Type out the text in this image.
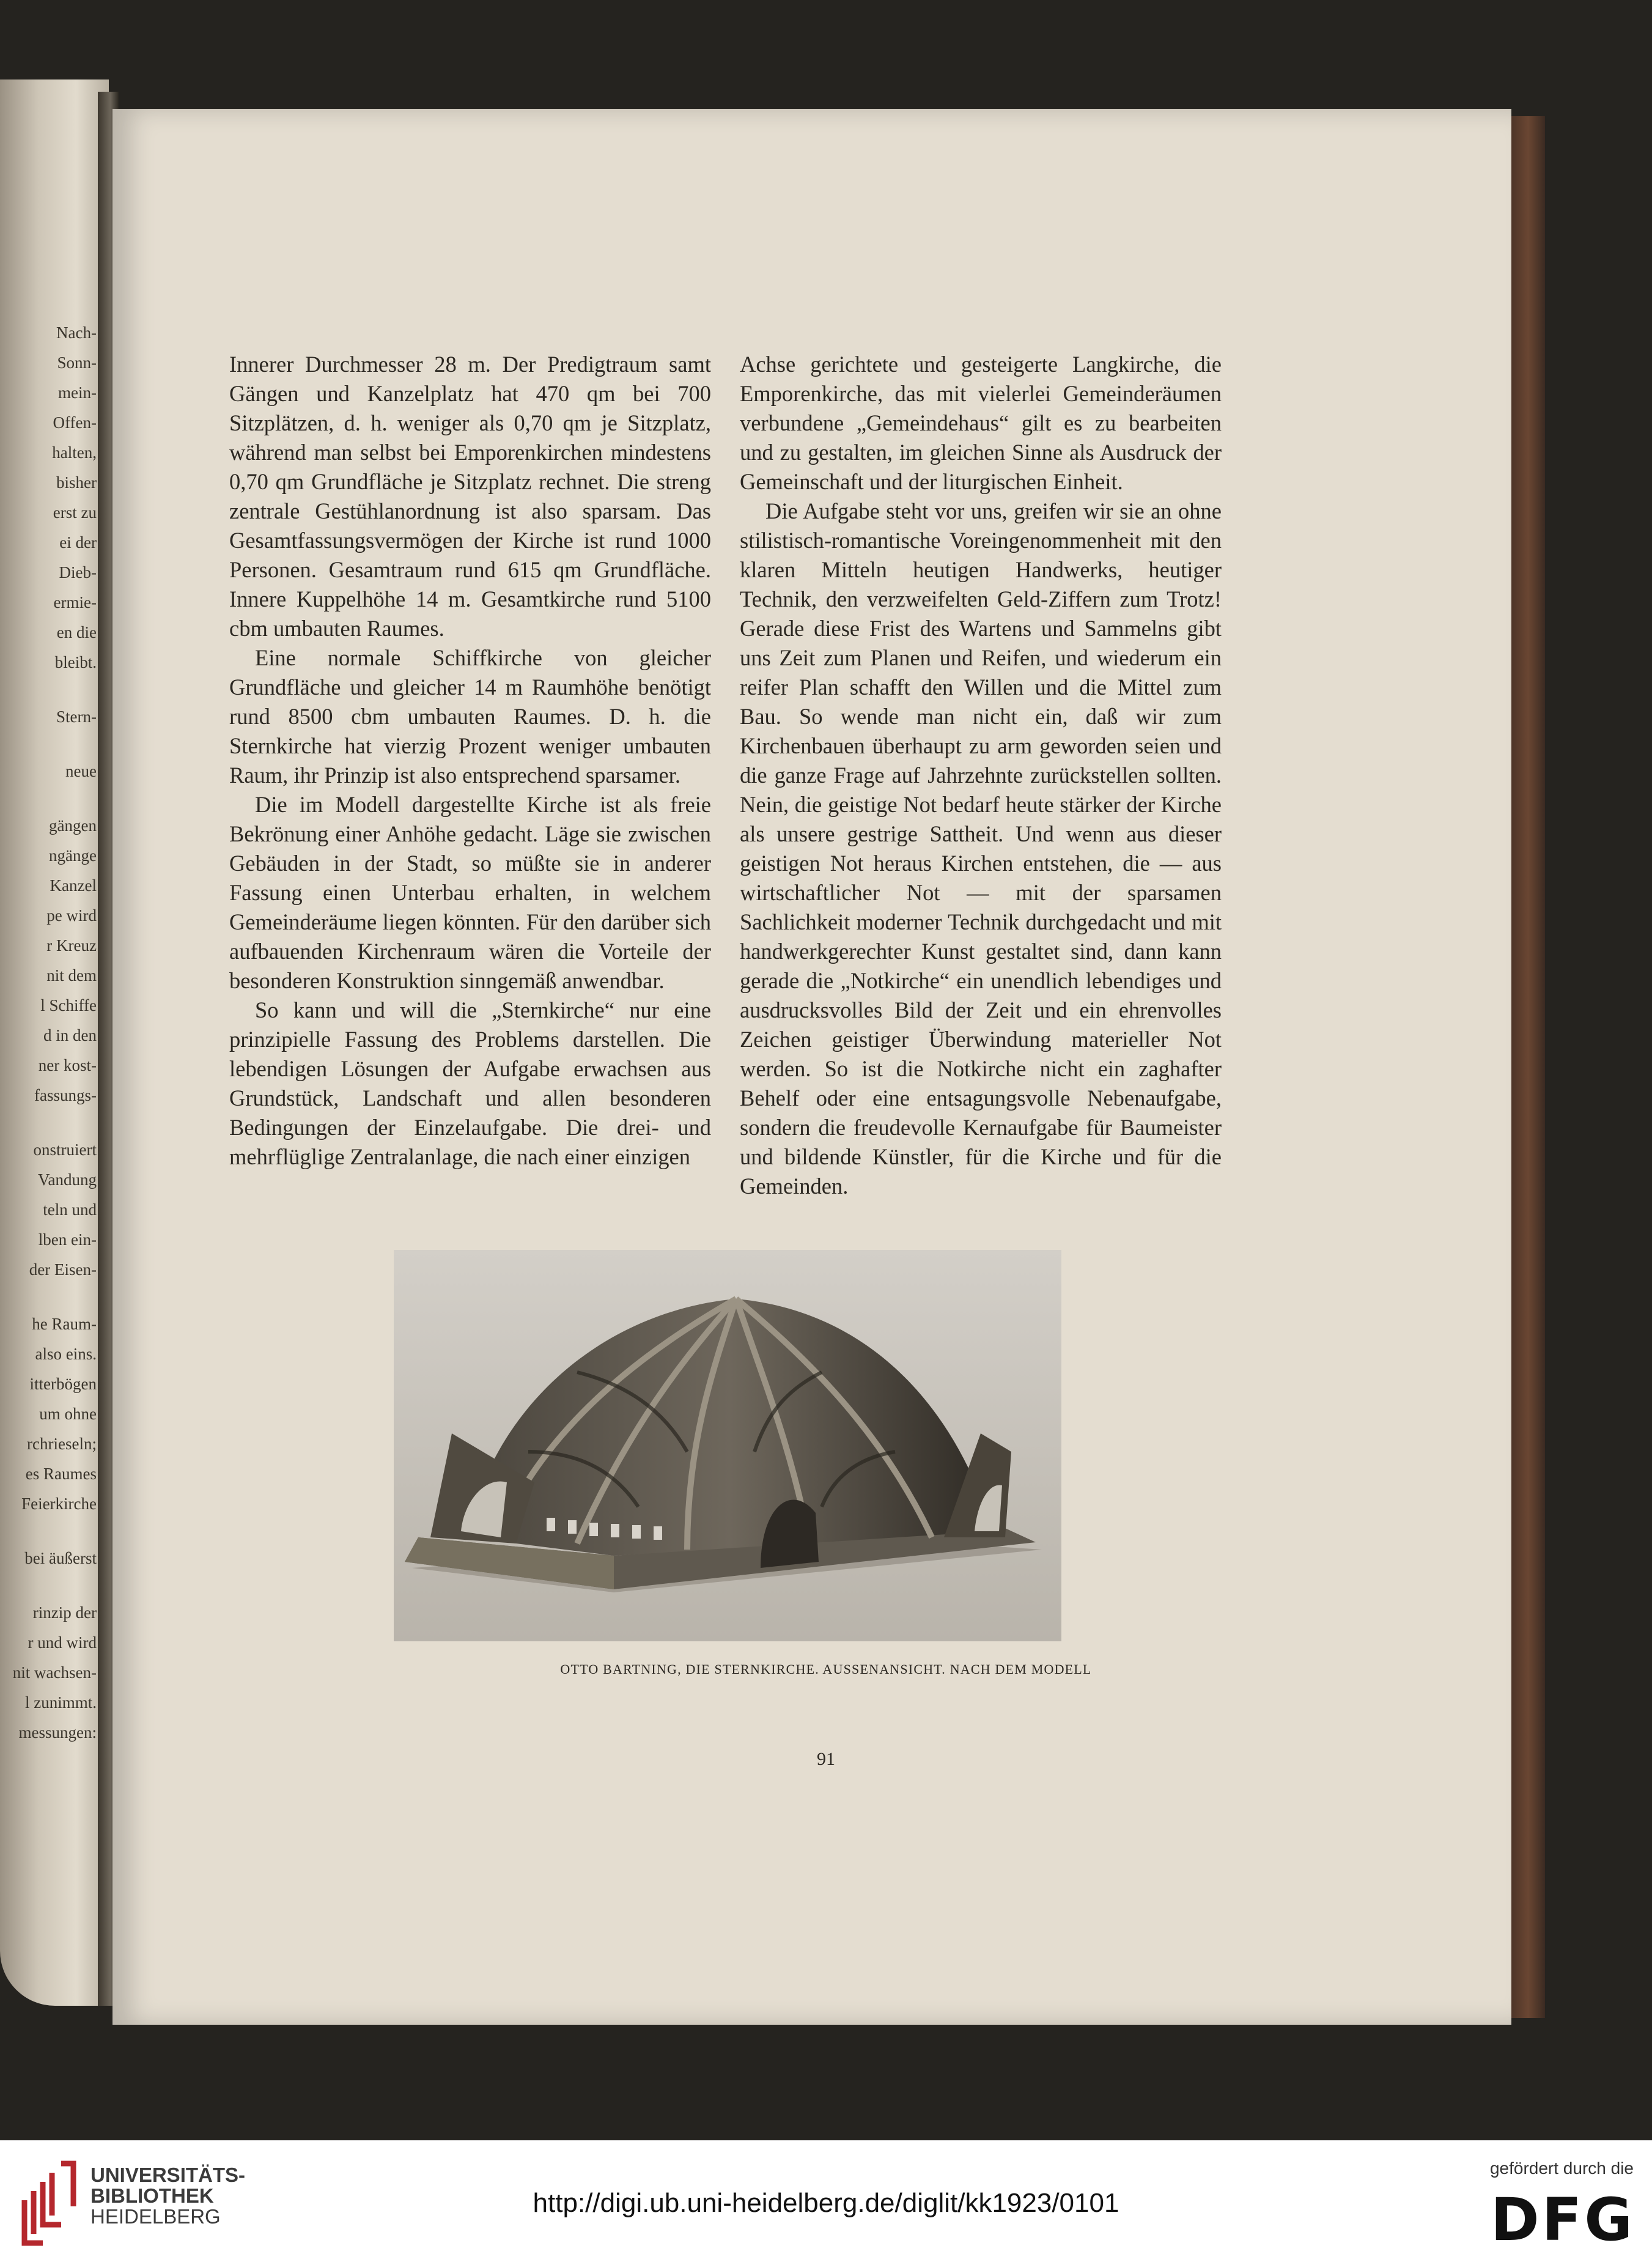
Nach-
Sonn-
mein-
Offen-
halten,
bisher
erst zu
ei der
Dieb-
ermie-
en die
bleibt.
Stern-
neue
gängen
ngänge
Kanzel
pe wird
r Kreuz
nit dem
l Schiffe
d in den
ner kost-
fassungs-
onstruiert
Vandung
teln und
lben ein-
der Eisen-
he Raum-
also eins.
itterbögen
um ohne
rchrieseln;
es Raumes
Feierkirche
bei äußerst
rinzip der
r und wird
nit wachsen-
l zunimmt.
messungen:

Innerer Durchmesser 28 m. Der Predigtraum samt Gängen und Kanzelplatz hat 470 qm bei 700 Sitzplätzen, d. h. weniger als 0,70 qm je Sitzplatz, während man selbst bei Emporenkirchen mindestens 0,70 qm Grundfläche je Sitzplatz rechnet. Die streng zentrale Gestühlanordnung ist also sparsam. Das Gesamtfassungsvermögen der Kirche ist rund 1000 Personen. Gesamtraum rund 615 qm Grundfläche. Innere Kuppelhöhe 14 m. Gesamtkirche rund 5100 cbm umbauten Raumes.

Eine normale Schiffkirche von gleicher Grundfläche und gleicher 14 m Raumhöhe benötigt rund 8500 cbm umbauten Raumes. D. h. die Sternkirche hat vierzig Prozent weniger umbauten Raum, ihr Prinzip ist also entsprechend sparsamer.

Die im Modell dargestellte Kirche ist als freie Bekrönung einer Anhöhe gedacht. Läge sie zwischen Gebäuden in der Stadt, so müßte sie in anderer Fassung einen Unterbau erhalten, in welchem Gemeinderäume liegen könnten. Für den darüber sich aufbauenden Kirchenraum wären die Vorteile der besonderen Konstruktion sinngemäß anwendbar.

So kann und will die „Sternkirche“ nur eine prinzipielle Fassung des Problems darstellen. Die lebendigen Lösungen der Aufgabe erwachsen aus Grundstück, Landschaft und allen besonderen Bedingungen der Einzelaufgabe. Die drei- und mehrflüglige Zentralanlage, die nach einer einzigen

Achse gerichtete und gesteigerte Langkirche, die Emporenkirche, das mit vielerlei Gemeinderäumen verbundene „Gemeindehaus“ gilt es zu bearbeiten und zu gestalten, im gleichen Sinne als Ausdruck der Gemeinschaft und der liturgischen Einheit.

Die Aufgabe steht vor uns, greifen wir sie an ohne stilistisch-romantische Voreingenommenheit mit den klaren Mitteln heutigen Handwerks, heutiger Technik, den verzweifelten Geld-Ziffern zum Trotz! Gerade diese Frist des Wartens und Sammelns gibt uns Zeit zum Planen und Reifen, und wiederum ein reifer Plan schafft den Willen und die Mittel zum Bau. So wende man nicht ein, daß wir zum Kirchenbauen überhaupt zu arm geworden seien und die ganze Frage auf Jahrzehnte zurückstellen sollten. Nein, die geistige Not bedarf heute stärker der Kirche als unsere gestrige Sattheit. Und wenn aus dieser geistigen Not heraus Kirchen entstehen, die — aus wirtschaftlicher Not — mit der sparsamen Sachlichkeit moderner Technik durchgedacht und mit handwerkgerechter Kunst gestaltet sind, dann kann gerade die „Notkirche“ ein unendlich lebendiges und ausdrucksvolles Bild der Zeit und ein ehrenvolles Zeichen geistiger Überwindung materieller Not werden. So ist die Notkirche nicht ein zaghafter Behelf oder eine entsagungsvolle Nebenaufgabe, sondern die freudevolle Kernaufgabe für Baumeister und bildende Künstler, für die Kirche und für die Gemeinden.

OTTO BARTNING, DIE STERNKIRCHE. AUSSENANSICHT. NACH DEM MODELL
91
UNIVERSITÄTS-
BIBLIOTHEK
HEIDELBERG	http://digi.ub.uni-heidelberg.de/diglit/kk1923/0101
gefördert durch die
DFG
